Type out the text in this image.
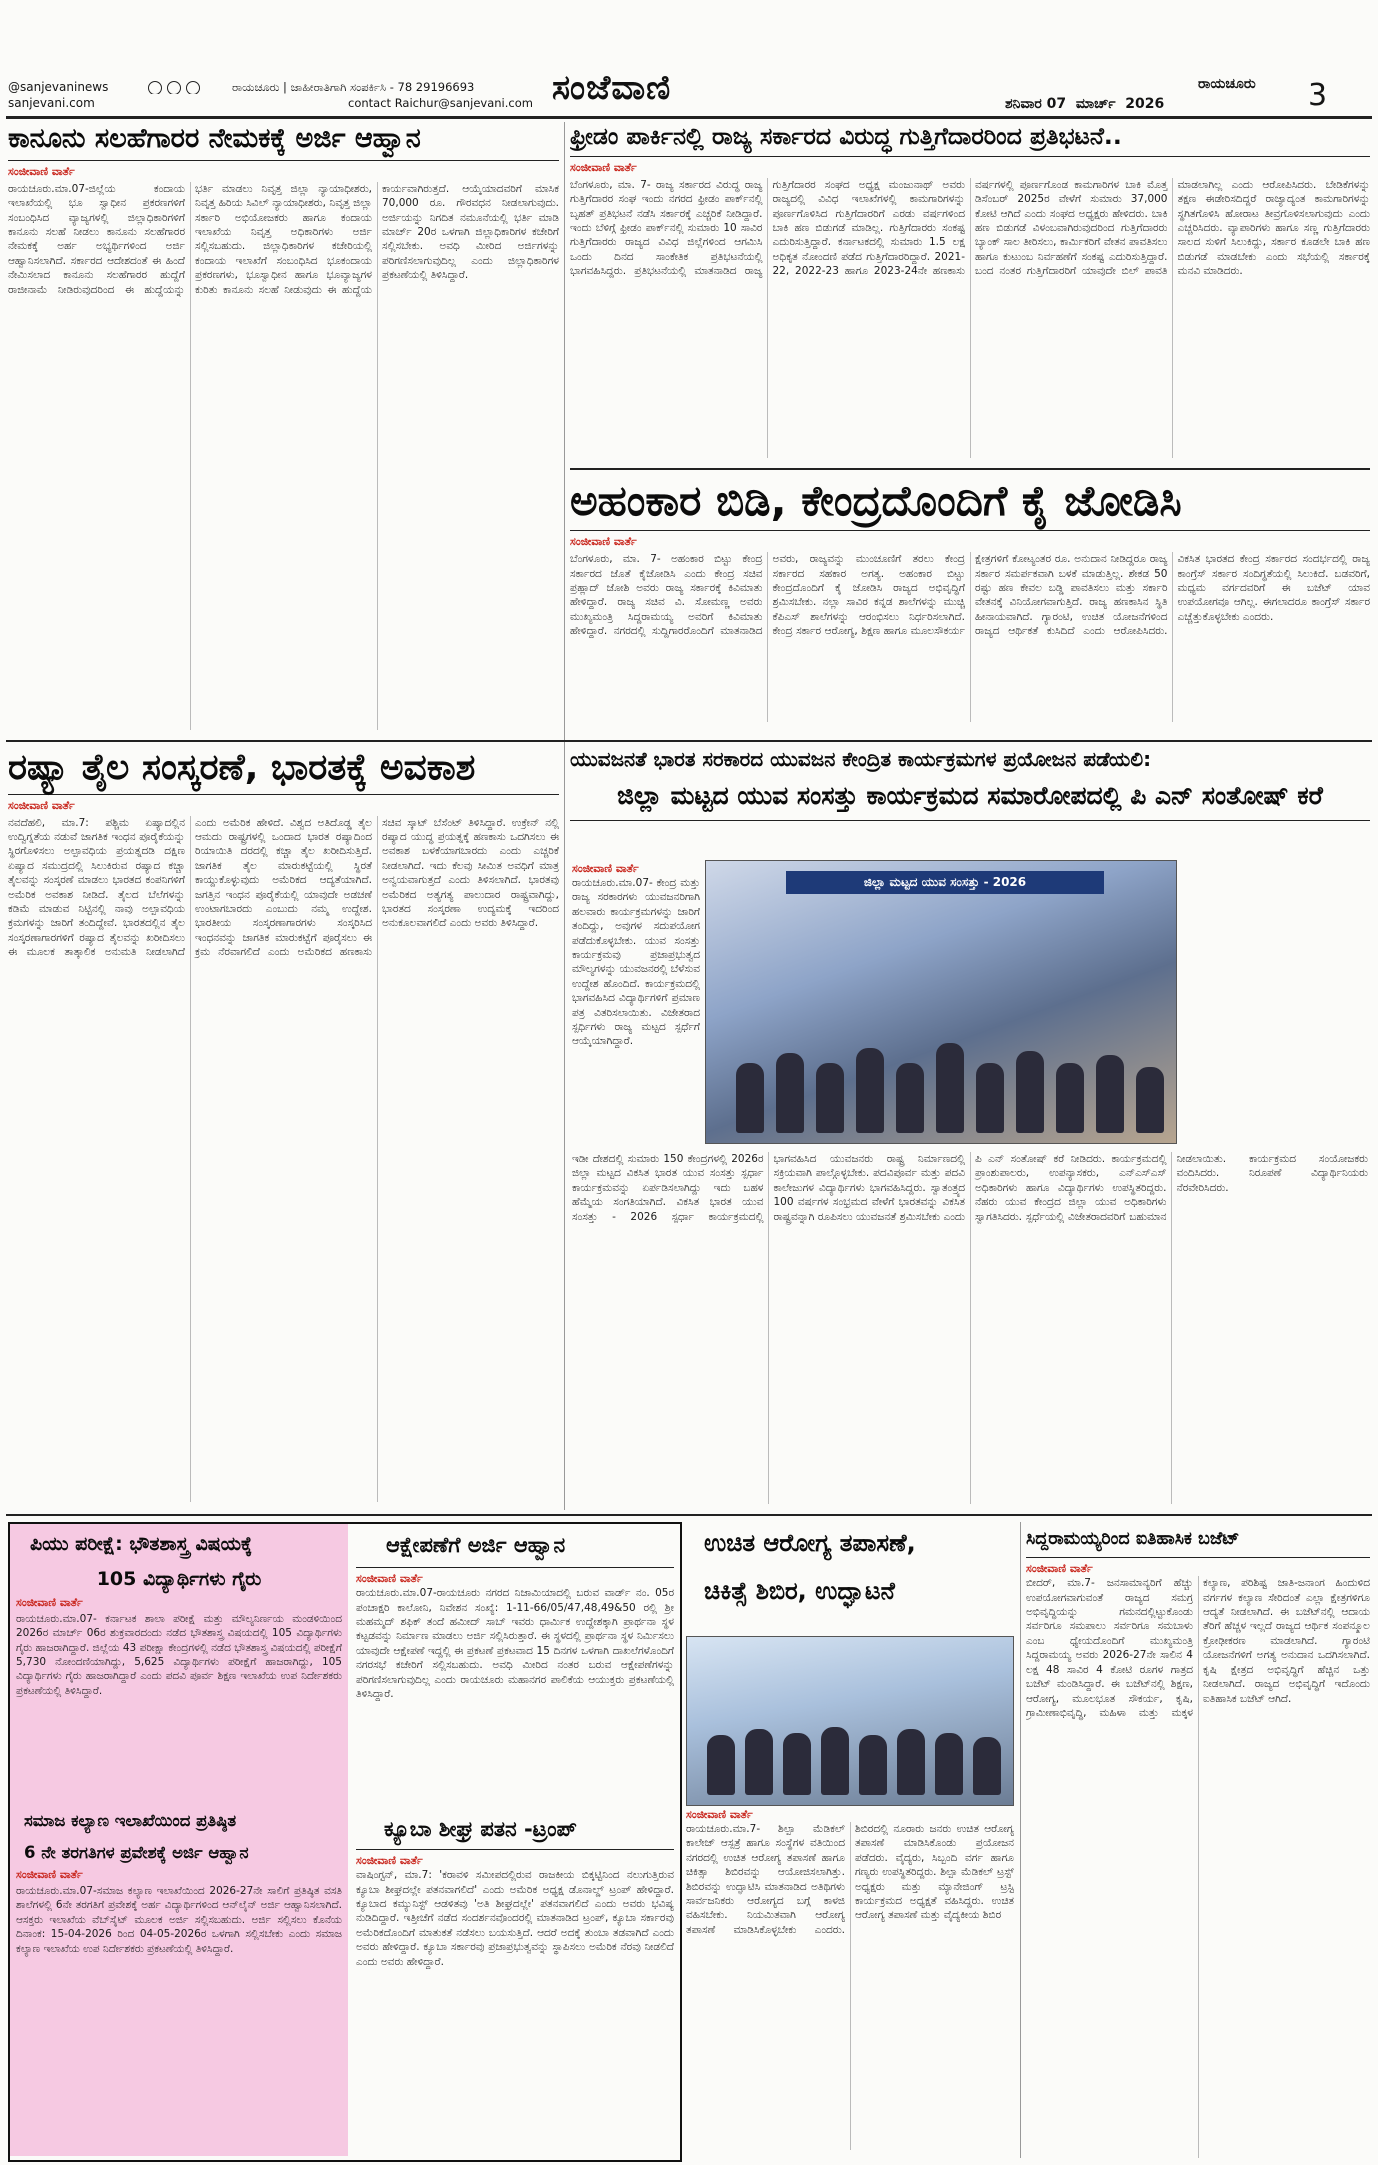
@sanjevaninews

sanjevani.com
ರಾಯಚೂರು | ಜಾಹೀರಾತಿಗಾಗಿ ಸಂಪರ್ಕಿಸಿ - 78 29196693
contact Raichur@sanjevani.com ಸಂಜೆವಾಣಿ	ರಾಯಚೂರು
ಶನಿವಾರ 07  ಮಾರ್ಚ್  2026	3
ಕಾನೂನು ಸಲಹೆಗಾರರ ನೇಮಕಕ್ಕೆ ಅರ್ಜಿ ಆಹ್ವಾನ
ಸಂಜೀವಾಣಿ ವಾರ್ತೆ
ರಾಯಚೂರು.ಮಾ.07-ಜಿಲ್ಲೆಯ ಕಂದಾಯ ಇಲಾಖೆಯಲ್ಲಿ ಭೂ ಸ್ವಾಧೀನ ಪ್ರಕರಣಗಳಿಗೆ ಸಂಬಂಧಿಸಿದ ವ್ಯಾಜ್ಯಗಳಲ್ಲಿ ಜಿಲ್ಲಾಧಿಕಾರಿಗಳಿಗೆ ಕಾನೂನು ಸಲಹೆ ನೀಡಲು ಕಾನೂನು ಸಲಹೆಗಾರರ ನೇಮಕಕ್ಕೆ ಅರ್ಹ ಅಭ್ಯರ್ಥಿಗಳಿಂದ ಅರ್ಜಿ ಆಹ್ವಾನಿಸಲಾಗಿದೆ. ಸರ್ಕಾರದ ಆದೇಶದಂತೆ ಈ ಹಿಂದೆ ನೇಮಿಸಲಾದ ಕಾನೂನು ಸಲಹೆಗಾರರ ಹುದ್ದೆಗೆ ರಾಜೀನಾಮೆ ನೀಡಿರುವುದರಿಂದ ಈ ಹುದ್ದೆಯನ್ನು ಭರ್ತಿ ಮಾಡಲು ನಿವೃತ್ತ ಜಿಲ್ಲಾ ನ್ಯಾಯಾಧೀಶರು, ನಿವೃತ್ತ ಹಿರಿಯ ಸಿವಿಲ್ ನ್ಯಾಯಾಧೀಶರು, ನಿವೃತ್ತ ಜಿಲ್ಲಾ ಸರ್ಕಾರಿ ಅಭಿಯೋಜಕರು ಹಾಗೂ ಕಂದಾಯ ಇಲಾಖೆಯ ನಿವೃತ್ತ ಅಧಿಕಾರಿಗಳು ಅರ್ಜಿ ಸಲ್ಲಿಸಬಹುದು. ಜಿಲ್ಲಾಧಿಕಾರಿಗಳ ಕಚೇರಿಯಲ್ಲಿ ಕಂದಾಯ ಇಲಾಖೆಗೆ ಸಂಬಂಧಿಸಿದ ಭೂಕಂದಾಯ ಪ್ರಕರಣಗಳು, ಭೂಸ್ವಾಧೀನ ಹಾಗೂ ಭೂವ್ಯಾಜ್ಯಗಳ ಕುರಿತು ಕಾನೂನು ಸಲಹೆ ನೀಡುವುದು ಈ ಹುದ್ದೆಯ ಕಾರ್ಯವಾಗಿರುತ್ತದೆ. ಆಯ್ಕೆಯಾದವರಿಗೆ ಮಾಸಿಕ 70,000 ರೂ. ಗೌರವಧನ ನೀಡಲಾಗುವುದು. ಅರ್ಜಿಯನ್ನು ನಿಗದಿತ ನಮೂನೆಯಲ್ಲಿ ಭರ್ತಿ ಮಾಡಿ ಮಾರ್ಚ್ 20ರ ಒಳಗಾಗಿ ಜಿಲ್ಲಾಧಿಕಾರಿಗಳ ಕಚೇರಿಗೆ ಸಲ್ಲಿಸಬೇಕು. ಅವಧಿ ಮೀರಿದ ಅರ್ಜಿಗಳನ್ನು ಪರಿಗಣಿಸಲಾಗುವುದಿಲ್ಲ ಎಂದು ಜಿಲ್ಲಾಧಿಕಾರಿಗಳ ಪ್ರಕಟಣೆಯಲ್ಲಿ ತಿಳಿಸಿದ್ದಾರೆ.
ಫ್ರೀಡಂ ಪಾರ್ಕಿನಲ್ಲಿ ರಾಜ್ಯ ಸರ್ಕಾರದ ವಿರುದ್ಧ ಗುತ್ತಿಗೆದಾರರಿಂದ ಪ್ರತಿಭಟನೆ..
ಸಂಜೀವಾಣಿ ವಾರ್ತೆ
ಬೆಂಗಳೂರು, ಮಾ. 7- ರಾಜ್ಯ ಸರ್ಕಾರದ ವಿರುದ್ಧ ರಾಜ್ಯ ಗುತ್ತಿಗೆದಾರರ ಸಂಘ ಇಂದು ನಗರದ ಫ್ರೀಡಂ ಪಾರ್ಕ್‌ನಲ್ಲಿ ಬೃಹತ್ ಪ್ರತಿಭಟನೆ ನಡೆಸಿ ಸರ್ಕಾರಕ್ಕೆ ಎಚ್ಚರಿಕೆ ನೀಡಿದ್ದಾರೆ. ಇಂದು ಬೆಳಿಗ್ಗೆ ಫ್ರೀಡಂ ಪಾರ್ಕ್‌ನಲ್ಲಿ ಸುಮಾರು 10 ಸಾವಿರ ಗುತ್ತಿಗೆದಾರರು ರಾಜ್ಯದ ವಿವಿಧ ಜಿಲ್ಲೆಗಳಿಂದ ಆಗಮಿಸಿ ಒಂದು ದಿನದ ಸಾಂಕೇತಿಕ ಪ್ರತಿಭಟನೆಯಲ್ಲಿ ಭಾಗವಹಿಸಿದ್ದರು. ಪ್ರತಿಭಟನೆಯಲ್ಲಿ ಮಾತನಾಡಿದ ರಾಜ್ಯ ಗುತ್ತಿಗೆದಾರರ ಸಂಘದ ಅಧ್ಯಕ್ಷ ಮಂಜುನಾಥ್ ಅವರು ರಾಜ್ಯದಲ್ಲಿ ವಿವಿಧ ಇಲಾಖೆಗಳಲ್ಲಿ ಕಾಮಗಾರಿಗಳನ್ನು ಪೂರ್ಣಗೊಳಿಸಿದ ಗುತ್ತಿಗೆದಾರರಿಗೆ ಎರಡು ವರ್ಷಗಳಿಂದ ಬಾಕಿ ಹಣ ಬಿಡುಗಡೆ ಮಾಡಿಲ್ಲ. ಗುತ್ತಿಗೆದಾರರು ಸಂಕಷ್ಟ ಎದುರಿಸುತ್ತಿದ್ದಾರೆ. ಕರ್ನಾಟಕದಲ್ಲಿ ಸುಮಾರು 1.5 ಲಕ್ಷ ಅಧಿಕೃತ ನೋಂದಣಿ ಪಡೆದ ಗುತ್ತಿಗೆದಾರರಿದ್ದಾರೆ. 2021-22, 2022-23 ಹಾಗೂ 2023-24ನೇ ಹಣಕಾಸು ವರ್ಷಗಳಲ್ಲಿ ಪೂರ್ಣಗೊಂಡ ಕಾಮಗಾರಿಗಳ ಬಾಕಿ ಮೊತ್ತ ಡಿಸೆಂಬರ್ 2025ರ ವೇಳೆಗೆ ಸುಮಾರು 37,000 ಕೋಟಿ ಆಗಿದೆ ಎಂದು ಸಂಘದ ಅಧ್ಯಕ್ಷರು ಹೇಳಿದರು. ಬಾಕಿ ಹಣ ಬಿಡುಗಡೆ ವಿಳಂಬವಾಗಿರುವುದರಿಂದ ಗುತ್ತಿಗೆದಾರರು ಬ್ಯಾಂಕ್ ಸಾಲ ತೀರಿಸಲು, ಕಾರ್ಮಿಕರಿಗೆ ವೇತನ ಪಾವತಿಸಲು ಹಾಗೂ ಕುಟುಂಬ ನಿರ್ವಹಣೆಗೆ ಸಂಕಷ್ಟ ಎದುರಿಸುತ್ತಿದ್ದಾರೆ. ಬಂದ ನಂತರ ಗುತ್ತಿಗೆದಾರರಿಗೆ ಯಾವುದೇ ಬಿಲ್ ಪಾವತಿ ಮಾಡಲಾಗಿಲ್ಲ ಎಂದು ಆರೋಪಿಸಿದರು. ಬೇಡಿಕೆಗಳನ್ನು ತಕ್ಷಣ ಈಡೇರಿಸದಿದ್ದರೆ ರಾಜ್ಯಾದ್ಯಂತ ಕಾಮಗಾರಿಗಳನ್ನು ಸ್ಥಗಿತಗೊಳಿಸಿ ಹೋರಾಟ ತೀವ್ರಗೊಳಿಸಲಾಗುವುದು ಎಂದು ಎಚ್ಚರಿಸಿದರು. ವ್ಯಾಪಾರಿಗಳು ಹಾಗೂ ಸಣ್ಣ ಗುತ್ತಿಗೆದಾರರು ಸಾಲದ ಸುಳಿಗೆ ಸಿಲುಕಿದ್ದು, ಸರ್ಕಾರ ಕೂಡಲೇ ಬಾಕಿ ಹಣ ಬಿಡುಗಡೆ ಮಾಡಬೇಕು ಎಂದು ಸಭೆಯಲ್ಲಿ ಸರ್ಕಾರಕ್ಕೆ ಮನವಿ ಮಾಡಿದರು.
ಅಹಂಕಾರ ಬಿಡಿ, ಕೇಂದ್ರದೊಂದಿಗೆ ಕೈ ಜೋಡಿಸಿ
ಸಂಜೀವಾಣಿ ವಾರ್ತೆ
ಬೆಂಗಳೂರು, ಮಾ. 7- ಅಹಂಕಾರ ಬಿಟ್ಟು ಕೇಂದ್ರ ಸರ್ಕಾರದ ಜೊತೆ ಕೈಜೋಡಿಸಿ ಎಂದು ಕೇಂದ್ರ ಸಚಿವ ಪ್ರಹ್ಲಾದ್ ಜೋಶಿ ಅವರು ರಾಜ್ಯ ಸರ್ಕಾರಕ್ಕೆ ಕಿವಿಮಾತು ಹೇಳಿದ್ದಾರೆ. ರಾಜ್ಯ ಸಚಿವ ವಿ. ಸೋಮಣ್ಣ ಅವರು ಮುಖ್ಯಮಂತ್ರಿ ಸಿದ್ದರಾಮಯ್ಯ ಅವರಿಗೆ ಕಿವಿಮಾತು ಹೇಳಿದ್ದಾರೆ. ನಗರದಲ್ಲಿ ಸುದ್ದಿಗಾರರೊಂದಿಗೆ ಮಾತನಾಡಿದ ಅವರು, ರಾಜ್ಯವನ್ನು ಮುಂಚೂಣಿಗೆ ತರಲು ಕೇಂದ್ರ ಸರ್ಕಾರದ ಸಹಕಾರ ಅಗತ್ಯ. ಅಹಂಕಾರ ಬಿಟ್ಟು ಕೇಂದ್ರದೊಂದಿಗೆ ಕೈ ಜೋಡಿಸಿ ರಾಜ್ಯದ ಅಭಿವೃದ್ಧಿಗೆ ಶ್ರಮಿಸಬೇಕು. ನಲ್ಲಾ ಸಾವಿರ ಕನ್ನಡ ಶಾಲೆಗಳನ್ನು ಮುಚ್ಚಿ ಕೆಪಿಎಸ್ ಶಾಲೆಗಳನ್ನು ಆರಂಭಿಸಲು ನಿರ್ಧರಿಸಲಾಗಿದೆ. ಕೇಂದ್ರ ಸರ್ಕಾರ ಆರೋಗ್ಯ, ಶಿಕ್ಷಣ ಹಾಗೂ ಮೂಲಸೌಕರ್ಯ ಕ್ಷೇತ್ರಗಳಿಗೆ ಕೋಟ್ಯಂತರ ರೂ. ಅನುದಾನ ನೀಡಿದ್ದರೂ ರಾಜ್ಯ ಸರ್ಕಾರ ಸಮರ್ಪಕವಾಗಿ ಬಳಕೆ ಮಾಡುತ್ತಿಲ್ಲ. ಶೇಕಡ 50 ರಷ್ಟು ಹಣ ಕೇವಲ ಬಡ್ಡಿ ಪಾವತಿಸಲು ಮತ್ತು ಸರ್ಕಾರಿ ವೇತನಕ್ಕೆ ವಿನಿಯೋಗವಾಗುತ್ತಿದೆ. ರಾಜ್ಯ ಹಣಕಾಸಿನ ಸ್ಥಿತಿ ಹೀನಾಯವಾಗಿದೆ. ಗ್ಯಾರಂಟಿ, ಉಚಿತ ಯೋಜನೆಗಳಿಂದ ರಾಜ್ಯದ ಆರ್ಥಿಕತೆ ಕುಸಿದಿದೆ ಎಂದು ಆರೋಪಿಸಿದರು. ವಿಕಸಿತ ಭಾರತದ ಕೇಂದ್ರ ಸರ್ಕಾರದ ಸಂದರ್ಭದಲ್ಲಿ ರಾಜ್ಯ ಕಾಂಗ್ರೆಸ್ ಸರ್ಕಾರ ಸಂದಿಗ್ಧತೆಯಲ್ಲಿ ಸಿಲುಕಿದೆ. ಬಡವರಿಗೆ, ಮಧ್ಯಮ ವರ್ಗದವರಿಗೆ ಈ ಬಜೆಟ್ ಯಾವ ಉಪಯೋಗವೂ ಆಗಿಲ್ಲ. ಈಗಲಾದರೂ ಕಾಂಗ್ರೆಸ್ ಸರ್ಕಾರ ಎಚ್ಚೆತ್ತುಕೊಳ್ಳಬೇಕು ಎಂದರು.
ರಷ್ಯಾ ತೈಲ ಸಂಸ್ಕರಣೆ, ಭಾರತಕ್ಕೆ ಅವಕಾಶ
ಸಂಜೀವಾಣಿ ವಾರ್ತೆ
ನವದೆಹಲಿ, ಮಾ.7: ಪಶ್ಚಿಮ ಏಷ್ಯಾದಲ್ಲಿನ ಉದ್ವಿಗ್ನತೆಯ ನಡುವೆ ಜಾಗತಿಕ ಇಂಧನ ಪೂರೈಕೆಯನ್ನು ಸ್ಥಿರಗೊಳಿಸಲು ಅಲ್ಪಾವಧಿಯ ಪ್ರಯತ್ನದಡಿ ದಕ್ಷಿಣ ಏಷ್ಯಾದ ಸಮುದ್ರದಲ್ಲಿ ಸಿಲುಕಿರುವ ರಷ್ಯಾದ ಕಚ್ಚಾ ತೈಲವನ್ನು ಸಂಸ್ಕರಣೆ ಮಾಡಲು ಭಾರತದ ಕಂಪನಿಗಳಿಗೆ ಅಮೆರಿಕ ಅವಕಾಶ ನೀಡಿದೆ. ತೈಲದ ಬೆಲೆಗಳನ್ನು ಕಡಿಮೆ ಮಾಡುವ ನಿಟ್ಟಿನಲ್ಲಿ ನಾವು ಅಲ್ಪಾವಧಿಯ ಕ್ರಮಗಳನ್ನು ಜಾರಿಗೆ ತಂದಿದ್ದೇವೆ. ಭಾರತದಲ್ಲಿನ ತೈಲ ಸಂಸ್ಕರಣಾಗಾರಗಳಿಗೆ ರಷ್ಯಾದ ತೈಲವನ್ನು ಖರೀದಿಸಲು ಈ ಮೂಲಕ ತಾತ್ಕಾಲಿಕ ಅನುಮತಿ ನೀಡಲಾಗಿದೆ ಎಂದು ಅಮೆರಿಕ ಹೇಳಿದೆ. ವಿಶ್ವದ ಅತಿದೊಡ್ಡ ತೈಲ ಆಮದು ರಾಷ್ಟ್ರಗಳಲ್ಲಿ ಒಂದಾದ ಭಾರತ ರಷ್ಯಾದಿಂದ ರಿಯಾಯಿತಿ ದರದಲ್ಲಿ ಕಚ್ಚಾ ತೈಲ ಖರೀದಿಸುತ್ತಿದೆ. ಜಾಗತಿಕ ತೈಲ ಮಾರುಕಟ್ಟೆಯಲ್ಲಿ ಸ್ಥಿರತೆ ಕಾಯ್ದುಕೊಳ್ಳುವುದು ಅಮೆರಿಕದ ಆದ್ಯತೆಯಾಗಿದೆ. ಜಗತ್ತಿನ ಇಂಧನ ಪೂರೈಕೆಯಲ್ಲಿ ಯಾವುದೇ ಅಡಚಣೆ ಉಂಟಾಗಬಾರದು ಎಂಬುದು ನಮ್ಮ ಉದ್ದೇಶ. ಭಾರತೀಯ ಸಂಸ್ಕರಣಾಗಾರಗಳು ಸಂಸ್ಕರಿಸಿದ ಇಂಧನವನ್ನು ಜಾಗತಿಕ ಮಾರುಕಟ್ಟೆಗೆ ಪೂರೈಸಲು ಈ ಕ್ರಮ ನೆರವಾಗಲಿದೆ ಎಂದು ಅಮೆರಿಕದ ಹಣಕಾಸು ಸಚಿವ ಸ್ಕಾಟ್ ಬೆಸೆಂಟ್ ತಿಳಿಸಿದ್ದಾರೆ. ಉಕ್ರೇನ್ ನಲ್ಲಿ ರಷ್ಯಾದ ಯುದ್ಧ ಪ್ರಯತ್ನಕ್ಕೆ ಹಣಕಾಸು ಒದಗಿಸಲು ಈ ಅವಕಾಶ ಬಳಕೆಯಾಗಬಾರದು ಎಂದು ಎಚ್ಚರಿಕೆ ನೀಡಲಾಗಿದೆ. ಇದು ಕೆಲವು ಸೀಮಿತ ಅವಧಿಗೆ ಮಾತ್ರ ಅನ್ವಯವಾಗುತ್ತದೆ ಎಂದು ತಿಳಿಸಲಾಗಿದೆ. ಭಾರತವು ಅಮೆರಿಕದ ಅತ್ಯಗತ್ಯ ಪಾಲುದಾರ ರಾಷ್ಟ್ರವಾಗಿದ್ದು, ಭಾರತದ ಸಂಸ್ಕರಣಾ ಉದ್ಯಮಕ್ಕೆ ಇದರಿಂದ ಅನುಕೂಲವಾಗಲಿದೆ ಎಂದು ಅವರು ತಿಳಿಸಿದ್ದಾರೆ.
ಯುವಜನತೆ ಭಾರತ ಸರಕಾರದ ಯುವಜನ ಕೇಂದ್ರಿತ ಕಾರ್ಯಕ್ರಮಗಳ ಪ್ರಯೋಜನ ಪಡೆಯಲಿ:
ಜಿಲ್ಲಾ ಮಟ್ಟದ ಯುವ ಸಂಸತ್ತು ಕಾರ್ಯಕ್ರಮದ ಸಮಾರೋಪದಲ್ಲಿ ಪಿ ಎನ್ ಸಂತೋಷ್ ಕರೆ
ಜಿಲ್ಲಾ ಮಟ್ಟದ ಯುವ ಸಂಸತ್ತು - 2026
ಸಂಜೀವಾಣಿ ವಾರ್ತೆ
ರಾಯಚೂರು.ಮಾ.07- ಕೇಂದ್ರ ಮತ್ತು ರಾಜ್ಯ ಸರಕಾರಗಳು ಯುವಜನರಿಗಾಗಿ ಹಲವಾರು ಕಾರ್ಯಕ್ರಮಗಳನ್ನು ಜಾರಿಗೆ ತಂದಿದ್ದು, ಅವುಗಳ ಸದುಪಯೋಗ ಪಡೆದುಕೊಳ್ಳಬೇಕು. ಯುವ ಸಂಸತ್ತು ಕಾರ್ಯಕ್ರಮವು ಪ್ರಜಾಪ್ರಭುತ್ವದ ಮೌಲ್ಯಗಳನ್ನು ಯುವಜನರಲ್ಲಿ ಬೆಳೆಸುವ ಉದ್ದೇಶ ಹೊಂದಿದೆ. ಕಾರ್ಯಕ್ರಮದಲ್ಲಿ ಭಾಗವಹಿಸಿದ ವಿದ್ಯಾರ್ಥಿಗಳಿಗೆ ಪ್ರಮಾಣ ಪತ್ರ ವಿತರಿಸಲಾಯಿತು. ವಿಜೇತರಾದ ಸ್ಪರ್ಧಿಗಳು ರಾಜ್ಯ ಮಟ್ಟದ ಸ್ಪರ್ಧೆಗೆ ಆಯ್ಕೆಯಾಗಿದ್ದಾರೆ.
ಇಡೀ ದೇಶದಲ್ಲಿ ಸುಮಾರು 150 ಕೇಂದ್ರಗಳಲ್ಲಿ 2026ರ ಜಿಲ್ಲಾ ಮಟ್ಟದ ವಿಕಸಿತ ಭಾರತ ಯುವ ಸಂಸತ್ತು ಸ್ಪರ್ಧಾ ಕಾರ್ಯಕ್ರಮವನ್ನು ಏರ್ಪಡಿಸಲಾಗಿದ್ದು ಇದು ಬಹಳ ಹೆಮ್ಮೆಯ ಸಂಗತಿಯಾಗಿದೆ. ವಿಕಸಿತ ಭಾರತ ಯುವ ಸಂಸತ್ತು - 2026 ಸ್ಪರ್ಧಾ ಕಾರ್ಯಕ್ರಮದಲ್ಲಿ ಭಾಗವಹಿಸಿದ ಯುವಜನರು ರಾಷ್ಟ್ರ ನಿರ್ಮಾಣದಲ್ಲಿ ಸಕ್ರಿಯವಾಗಿ ಪಾಲ್ಗೊಳ್ಳಬೇಕು. ಪದವಿಪೂರ್ವ ಮತ್ತು ಪದವಿ ಕಾಲೇಜುಗಳ ವಿದ್ಯಾರ್ಥಿಗಳು ಭಾಗವಹಿಸಿದ್ದರು. ಸ್ವಾತಂತ್ರ್ಯದ 100 ವರ್ಷಗಳ ಸಂಭ್ರಮದ ವೇಳೆಗೆ ಭಾರತವನ್ನು ವಿಕಸಿತ ರಾಷ್ಟ್ರವನ್ನಾಗಿ ರೂಪಿಸಲು ಯುವಜನತೆ ಶ್ರಮಿಸಬೇಕು ಎಂದು ಪಿ ಎನ್ ಸಂತೋಷ್ ಕರೆ ನೀಡಿದರು. ಕಾರ್ಯಕ್ರಮದಲ್ಲಿ ಪ್ರಾಂಶುಪಾಲರು, ಉಪನ್ಯಾಸಕರು, ಎನ್ಎಸ್ಎಸ್ ಅಧಿಕಾರಿಗಳು ಹಾಗೂ ವಿದ್ಯಾರ್ಥಿಗಳು ಉಪಸ್ಥಿತರಿದ್ದರು. ನೆಹರು ಯುವ ಕೇಂದ್ರದ ಜಿಲ್ಲಾ ಯುವ ಅಧಿಕಾರಿಗಳು ಸ್ವಾಗತಿಸಿದರು. ಸ್ಪರ್ಧೆಯಲ್ಲಿ ವಿಜೇತರಾದವರಿಗೆ ಬಹುಮಾನ ನೀಡಲಾಯಿತು. ಕಾರ್ಯಕ್ರಮದ ಸಂಯೋಜಕರು ವಂದಿಸಿದರು. ನಿರೂಪಣೆ ವಿದ್ಯಾರ್ಥಿನಿಯರು ನೆರವೇರಿಸಿದರು.
ಪಿಯು ಪರೀಕ್ಷೆ: ಭೌತಶಾಸ್ತ್ರ ವಿಷಯಕ್ಕೆ
105 ವಿದ್ಯಾರ್ಥಿಗಳು ಗೈರು
ಸಂಜೀವಾಣಿ ವಾರ್ತೆ
ರಾಯಚೂರು.ಮಾ.07- ಕರ್ನಾಟಕ ಶಾಲಾ ಪರೀಕ್ಷೆ ಮತ್ತು ಮೌಲ್ಯನಿರ್ಣಯ ಮಂಡಳಿಯಿಂದ 2026ರ ಮಾರ್ಚ್ 06ರ ಶುಕ್ರವಾರದಂದು ನಡೆದ ಭೌತಶಾಸ್ತ್ರ ವಿಷಯದಲ್ಲಿ 105 ವಿದ್ಯಾರ್ಥಿಗಳು ಗೈರು ಹಾಜರಾಗಿದ್ದಾರೆ. ಜಿಲ್ಲೆಯ 43 ಪರೀಕ್ಷಾ ಕೇಂದ್ರಗಳಲ್ಲಿ ನಡೆದ ಭೌತಶಾಸ್ತ್ರ ವಿಷಯದಲ್ಲಿ ಪರೀಕ್ಷೆಗೆ 5,730 ನೋಂದಣಿಯಾಗಿದ್ದು, 5,625 ವಿದ್ಯಾರ್ಥಿಗಳು ಪರೀಕ್ಷೆಗೆ ಹಾಜರಾಗಿದ್ದು, 105 ವಿದ್ಯಾರ್ಥಿಗಳು ಗೈರು ಹಾಜರಾಗಿದ್ದಾರೆ ಎಂದು ಪದವಿ ಪೂರ್ವ ಶಿಕ್ಷಣ ಇಲಾಖೆಯ ಉಪ ನಿರ್ದೇಶಕರು ಪ್ರಕಟಣೆಯಲ್ಲಿ ತಿಳಿಸಿದ್ದಾರೆ.
ಸಮಾಜ ಕಲ್ಯಾಣ ಇಲಾಖೆಯಿಂದ ಪ್ರತಿಷ್ಠಿತ
6 ನೇ ತರಗತಿಗಳ ಪ್ರವೇಶಕ್ಕೆ ಅರ್ಜಿ ಆಹ್ವಾನ
ಸಂಜೀವಾಣಿ ವಾರ್ತೆ
ರಾಯಚೂರು.ಮಾ.07-ಸಮಾಜ ಕಲ್ಯಾಣ ಇಲಾಖೆಯಿಂದ 2026-27ನೇ ಸಾಲಿಗೆ ಪ್ರತಿಷ್ಠಿತ ವಸತಿ ಶಾಲೆಗಳಲ್ಲಿ 6ನೇ ತರಗತಿಗೆ ಪ್ರವೇಶಕ್ಕೆ ಅರ್ಹ ವಿದ್ಯಾರ್ಥಿಗಳಿಂದ ಆನ್‌ಲೈನ್ ಅರ್ಜಿ ಆಹ್ವಾನಿಸಲಾಗಿದೆ. ಆಸಕ್ತರು ಇಲಾಖೆಯ ವೆಬ್‌ಸೈಟ್ ಮೂಲಕ ಅರ್ಜಿ ಸಲ್ಲಿಸಬಹುದು. ಅರ್ಜಿ ಸಲ್ಲಿಸಲು ಕೊನೆಯ ದಿನಾಂಕ: 15-04-2026 ರಿಂದ 04-05-2026ರ ಒಳಗಾಗಿ ಸಲ್ಲಿಸಬೇಕು ಎಂದು ಸಮಾಜ ಕಲ್ಯಾಣ ಇಲಾಖೆಯ ಉಪ ನಿರ್ದೇಶಕರು ಪ್ರಕಟಣೆಯಲ್ಲಿ ತಿಳಿಸಿದ್ದಾರೆ.
ಆಕ್ಷೇಪಣೆಗೆ ಅರ್ಜಿ ಆಹ್ವಾನ
ಸಂಜೀವಾಣಿ ವಾರ್ತೆ
ರಾಯಚೂರು.ಮಾ.07-ರಾಯಚೂರು ನಗರದ ನಿಜಾಮಿಯಾದಲ್ಲಿ ಬರುವ ವಾರ್ಡ್ ನಂ. 05ರ ಪಂಚಾಕ್ಷರಿ ಕಾಲೋನಿ, ನಿವೇಶನ ಸಂಖ್ಯೆ: 1-11-66/05/47,48,49&50 ರಲ್ಲಿ ಶ್ರೀ ಮಹಮ್ಮದ್ ಶಫಿಕ್ ತಂದೆ ಹಮೀದ್ ಸಾಬ್ ಇವರು ಧಾರ್ಮಿಕ ಉದ್ದೇಶಕ್ಕಾಗಿ ಪ್ರಾರ್ಥನಾ ಸ್ಥಳ ಕಟ್ಟಡವನ್ನು ನಿರ್ಮಾಣ ಮಾಡಲು ಅರ್ಜಿ ಸಲ್ಲಿಸಿರುತ್ತಾರೆ. ಈ ಸ್ಥಳದಲ್ಲಿ ಪ್ರಾರ್ಥನಾ ಸ್ಥಳ ನಿರ್ಮಿಸಲು ಯಾವುದೇ ಆಕ್ಷೇಪಣೆ ಇದ್ದಲ್ಲಿ ಈ ಪ್ರಕಟಣೆ ಪ್ರಕಟವಾದ 15 ದಿನಗಳ ಒಳಗಾಗಿ ದಾಖಲೆಗಳೊಂದಿಗೆ ನಗರಸಭೆ ಕಚೇರಿಗೆ ಸಲ್ಲಿಸಬಹುದು. ಅವಧಿ ಮೀರಿದ ನಂತರ ಬರುವ ಆಕ್ಷೇಪಣೆಗಳನ್ನು ಪರಿಗಣಿಸಲಾಗುವುದಿಲ್ಲ ಎಂದು ರಾಯಚೂರು ಮಹಾನಗರ ಪಾಲಿಕೆಯ ಆಯುಕ್ತರು ಪ್ರಕಟಣೆಯಲ್ಲಿ ತಿಳಿಸಿದ್ದಾರೆ.
ಕ್ಯೂಬಾ ಶೀಘ್ರ ಪತನ -ಟ್ರಂಪ್
ಸಂಜೀವಾಣಿ ವಾರ್ತೆ
ವಾಷಿಂಗ್ಟನ್, ಮಾ.7: 'ಕರಾವಳಿ ಸಮೀಪದಲ್ಲಿರುವ ರಾಜಕೀಯ ಬಿಕ್ಕಟ್ಟಿನಿಂದ ನಲುಗುತ್ತಿರುವ ಕ್ಯೂಬಾ ಶೀಘ್ರದಲ್ಲೇ ಪತನವಾಗಲಿದೆ' ಎಂದು ಅಮೆರಿಕ ಅಧ್ಯಕ್ಷ ಡೊನಾಲ್ಡ್ ಟ್ರಂಪ್ ಹೇಳಿದ್ದಾರೆ. ಕ್ಯೂಬಾದ ಕಮ್ಯುನಿಸ್ಟ್ ಆಡಳಿತವು 'ಅತಿ ಶೀಘ್ರದಲ್ಲೇ' ಪತನವಾಗಲಿದೆ ಎಂದು ಅವರು ಭವಿಷ್ಯ ನುಡಿದಿದ್ದಾರೆ. ಇತ್ತೀಚೆಗೆ ನಡೆದ ಸಂದರ್ಶನವೊಂದರಲ್ಲಿ ಮಾತನಾಡಿದ ಟ್ರಂಪ್, ಕ್ಯೂಬಾ ಸರ್ಕಾರವು ಅಮೆರಿಕದೊಂದಿಗೆ ಮಾತುಕತೆ ನಡೆಸಲು ಬಯಸುತ್ತಿದೆ. ಆದರೆ ಅದಕ್ಕೆ ತುಂಬಾ ತಡವಾಗಿದೆ ಎಂದು ಅವರು ಹೇಳಿದ್ದಾರೆ. ಕ್ಯೂಬಾ ಸರ್ಕಾರವು ಪ್ರಜಾಪ್ರಭುತ್ವವನ್ನು ಸ್ಥಾಪಿಸಲು ಅಮೆರಿಕ ನೆರವು ನೀಡಲಿದೆ ಎಂದು ಅವರು ಹೇಳಿದ್ದಾರೆ.
ಉಚಿತ ಆರೋಗ್ಯ ತಪಾಸಣೆ,
ಚಿಕಿತ್ಸೆ ಶಿಬಿರ, ಉದ್ಘಾಟನೆ
ಸಂಜೀವಾಣಿ ವಾರ್ತೆ
ರಾಯಚೂರು.ಮಾ.7- ಶಿಲ್ಪಾ ಮೆಡಿಕಲ್ ಕಾಲೇಜ್ ಆಸ್ಪತ್ರೆ ಹಾಗೂ ಸಂಸ್ಥೆಗಳ ವತಿಯಿಂದ ನಗರದಲ್ಲಿ ಉಚಿತ ಆರೋಗ್ಯ ತಪಾಸಣೆ ಹಾಗೂ ಚಿಕಿತ್ಸಾ ಶಿಬಿರವನ್ನು ಆಯೋಜಿಸಲಾಗಿತ್ತು. ಶಿಬಿರವನ್ನು ಉದ್ಘಾಟಿಸಿ ಮಾತನಾಡಿದ ಅತಿಥಿಗಳು ಸಾರ್ವಜನಿಕರು ಆರೋಗ್ಯದ ಬಗ್ಗೆ ಕಾಳಜಿ ವಹಿಸಬೇಕು. ನಿಯಮಿತವಾಗಿ ಆರೋಗ್ಯ ತಪಾಸಣೆ ಮಾಡಿಸಿಕೊಳ್ಳಬೇಕು ಎಂದರು. ಶಿಬಿರದಲ್ಲಿ ನೂರಾರು ಜನರು ಉಚಿತ ಆರೋಗ್ಯ ತಪಾಸಣೆ ಮಾಡಿಸಿಕೊಂಡು ಪ್ರಯೋಜನ ಪಡೆದರು. ವೈದ್ಯರು, ಸಿಬ್ಬಂದಿ ವರ್ಗ ಹಾಗೂ ಗಣ್ಯರು ಉಪಸ್ಥಿತರಿದ್ದರು. ಶಿಲ್ಪಾ ಮೆಡಿಕಲ್ ಟ್ರಸ್ಟ್ ಅಧ್ಯಕ್ಷರು ಮತ್ತು ಮ್ಯಾನೇಜಿಂಗ್ ಟ್ರಸ್ಟಿ ಕಾರ್ಯಕ್ರಮದ ಅಧ್ಯಕ್ಷತೆ ವಹಿಸಿದ್ದರು. ಉಚಿತ ಆರೋಗ್ಯ ತಪಾಸಣೆ ಮತ್ತು ವೈದ್ಯಕೀಯ ಶಿಬಿರ
ಸಿದ್ದರಾಮಯ್ಯರಿಂದ ಐತಿಹಾಸಿಕ ಬಜೆಟ್
ಸಂಜೀವಾಣಿ ವಾರ್ತೆ
ಬೀದರ್, ಮಾ.7- ಜನಸಾಮಾನ್ಯರಿಗೆ ಹೆಚ್ಚು ಉಪಯೋಗವಾಗುವಂತೆ ರಾಜ್ಯದ ಸಮಗ್ರ ಅಭಿವೃದ್ಧಿಯನ್ನು ಗಮನದಲ್ಲಿಟ್ಟುಕೊಂಡು ಸರ್ವರಿಗೂ ಸಮಪಾಲು ಸರ್ವರಿಗೂ ಸಮಬಾಳು ಎಂಬ ಧ್ಯೇಯದೊಂದಿಗೆ ಮುಖ್ಯಮಂತ್ರಿ ಸಿದ್ದರಾಮಯ್ಯ ಅವರು 2026-27ನೇ ಸಾಲಿನ 4 ಲಕ್ಷ 48 ಸಾವಿರ 4 ಕೋಟಿ ರೂಗಳ ಗಾತ್ರದ ಬಜೆಟ್ ಮಂಡಿಸಿದ್ದಾರೆ. ಈ ಬಜೆಟ್‌ನಲ್ಲಿ ಶಿಕ್ಷಣ, ಆರೋಗ್ಯ, ಮೂಲಭೂತ ಸೌಕರ್ಯ, ಕೃಷಿ, ಗ್ರಾಮೀಣಾಭಿವೃದ್ಧಿ, ಮಹಿಳಾ ಮತ್ತು ಮಕ್ಕಳ ಕಲ್ಯಾಣ, ಪರಿಶಿಷ್ಟ ಜಾತಿ-ಜನಾಂಗ ಹಿಂದುಳಿದ ವರ್ಗಗಳ ಕಲ್ಯಾಣ ಸೇರಿದಂತೆ ಎಲ್ಲಾ ಕ್ಷೇತ್ರಗಳಿಗೂ ಆದ್ಯತೆ ನೀಡಲಾಗಿದೆ. ಈ ಬಜೆಟ್‌ನಲ್ಲಿ ಆದಾಯ ತೆರಿಗೆ ಹೆಚ್ಚಳ ಇಲ್ಲದೆ ರಾಜ್ಯದ ಆರ್ಥಿಕ ಸಂಪನ್ಮೂಲ ಕ್ರೋಢೀಕರಣ ಮಾಡಲಾಗಿದೆ. ಗ್ಯಾರಂಟಿ ಯೋಜನೆಗಳಿಗೆ ಅಗತ್ಯ ಅನುದಾನ ಒದಗಿಸಲಾಗಿದೆ. ಕೃಷಿ ಕ್ಷೇತ್ರದ ಅಭಿವೃದ್ಧಿಗೆ ಹೆಚ್ಚಿನ ಒತ್ತು ನೀಡಲಾಗಿದೆ. ರಾಜ್ಯದ ಅಭಿವೃದ್ಧಿಗೆ ಇದೊಂದು ಐತಿಹಾಸಿಕ ಬಜೆಟ್ ಆಗಿದೆ.
